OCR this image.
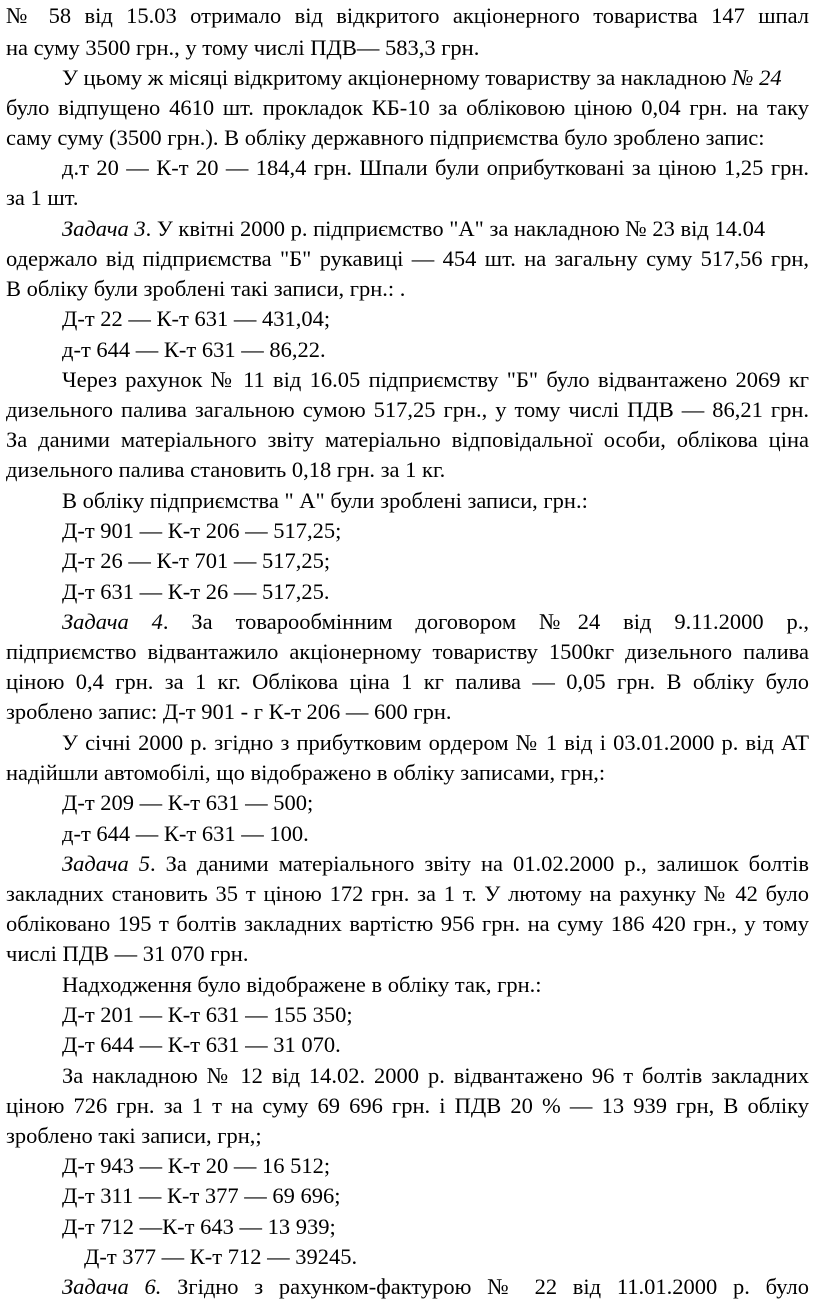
№ 58 від 15.03 отримало від відкритого акціонерного товариства 147 шпал
на суму 3500 грн., у тому числі ПДВ— 583,3 грн.
У цьому ж місяці відкритому акціонерному товариству за накладною № 24
було відпущено 4610 шт. прокладок КБ-10 за обліковою ціною 0,04 грн. на таку
саму суму (3500 грн.). В обліку державного підприємства було зроблено запис:
д.т 20 — К-т 20 — 184,4 грн. Шпали були оприбутковані за ціною 1,25 грн.
за 1 шт.
Задача 3. У квітні 2000 р. підприємство "А" за накладною № 23 від 14.04
одержало від підприємства "Б" рукавиці — 454 шт. на загальну суму 517,56 грн,
В обліку були зроблені такі записи, грн.: .
Д-т 22 — К-т 631 — 431,04;
д-т 644 — К-т 631 — 86,22.
Через рахунок № 11 від 16.05 підприємству "Б" було відвантажено 2069 кг
дизельного палива загальною сумою 517,25 грн., у тому числі ПДВ — 86,21 грн.
За даними матеріального звіту матеріально відповідальної особи, облікова ціна
дизельного палива становить 0,18 грн. за 1 кг.
В обліку підприємства " А" були зроблені записи, грн.:
Д-т 901 — К-т 206 — 517,25;
Д-т 26 — К-т 701 — 517,25;
Д-т 631 — К-т 26 — 517,25.
Задача 4. За товарообмінним договором №24 від 9.11.2000 р.,
підприємство відвантажило акціонерному товариству 1500кг дизельного палива
ціною 0,4 грн. за 1 кг. Облікова ціна 1 кг палива — 0,05 грн. В обліку було
зроблено запис: Д-т 901 - г К-т 206 — 600 грн.
У січні 2000 р. згідно з прибутковим ордером № 1 від і 03.01.2000 р. від АТ
надійшли автомобілі, що відображено в обліку записами, грн,:
Д-т 209 — К-т 631 — 500;
д-т 644 — К-т 631 — 100.
Задача 5. За даними матеріального звіту на 01.02.2000 р., залишок болтів
закладних становить 35 т ціною 172 грн. за 1 т. У лютому на рахунку № 42 було
обліковано 195 т болтів закладних вартістю 956 грн. на суму 186 420 грн., у тому
числі ПДВ — 31 070 грн.
Надходження було відображене в обліку так, грн.:
Д-т 201 — К-т 631 — 155 350;
Д-т 644 — К-т 631 — 31 070.
За накладною № 12 від 14.02. 2000 р. відвантажено 96 т болтів закладних
ціною 726 грн. за 1 т на суму 69 696 грн. і ПДВ 20 % — 13 939 грн, В обліку
зроблено такі записи, грн,;
Д-т 943 — К-т 20 — 16 512;
Д-т 311 — К-т 377 — 69 696;
Д-т 712 —К-т 643 — 13 939;
Д-т 377 — К-т 712 — 39245.
Задача 6. Згідно з рахунком-фактурою № 22 від 11.01.2000 р. було
